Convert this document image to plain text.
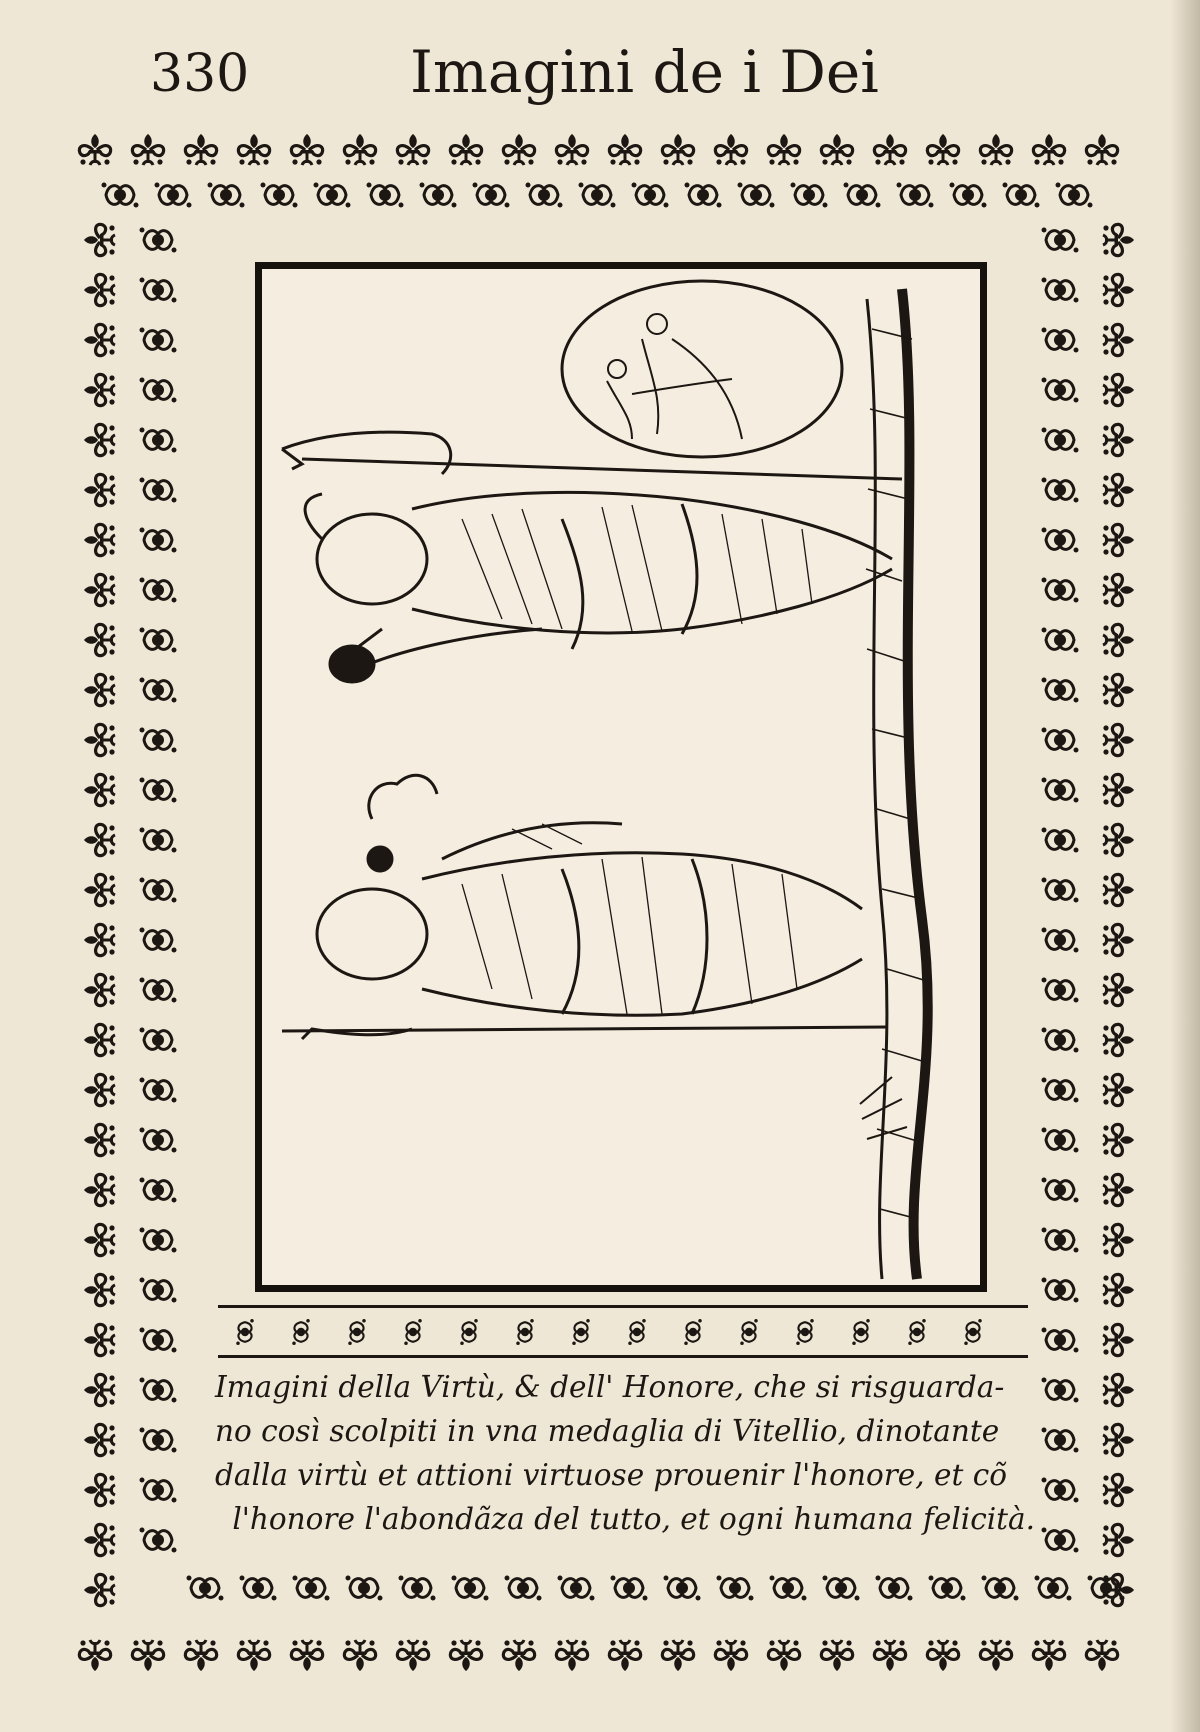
330	Imagini de i Dei
Imagini della Virtù, & dell' Honore, che si risguarda-
no così scolpiti in vna medaglia di Vitellio, dinotante
dalla virtù et attioni virtuose prouenir l'honore, et cõ
l'honore l'abondãza del tutto, et ogni humana felicità.
